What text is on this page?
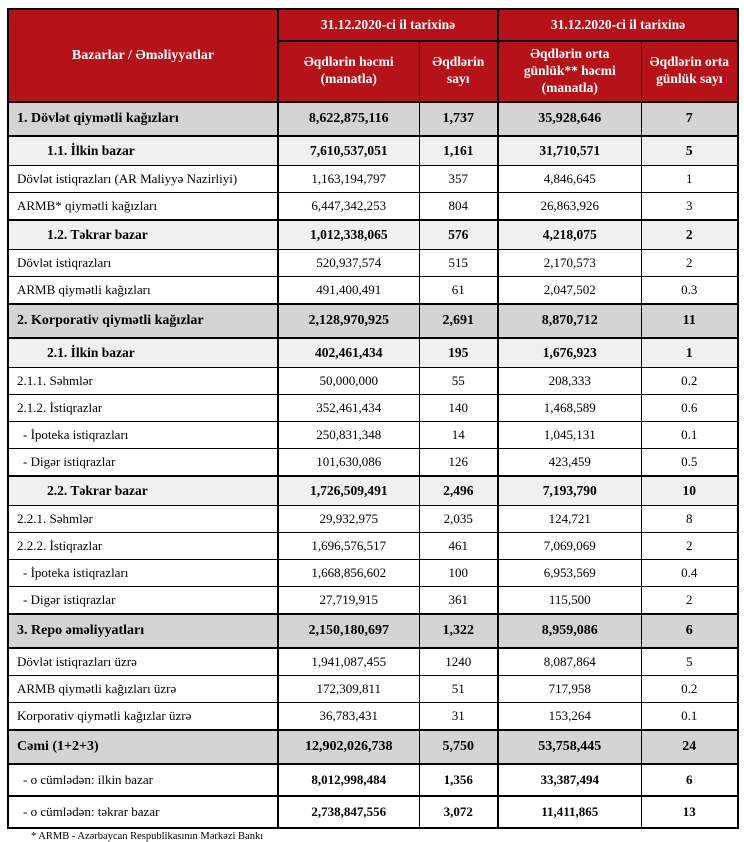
Bazarlar / Əməliyyatlar	31.12.2020-ci il tarixinə		31.12.2020-ci il tarixinə	
	Əqdlərin həcmi (manatla)	Əqdlərin sayı	Əqdlərin orta günlük** həcmi (manatla)	Əqdlərin orta günlük sayı
1. Dövlət qiymətli kağızları	8,622,875,116	1,737	35,928,646	7
1.1. İlkin bazar	7,610,537,051	1,161	31,710,571	5
Dövlət istiqrazları (AR Maliyyə Nazirliyi)	1,163,194,797	357	4,846,645	1
ARMB* qiymətli kağızları	6,447,342,253	804	26,863,926	3
1.2. Təkrar bazar	1,012,338,065	576	4,218,075	2
Dövlət istiqrazları	520,937,574	515	2,170,573	2
ARMB qiymətli kağızları	491,400,491	61	2,047,502	0.3
2. Korporativ qiymətli kağızlar	2,128,970,925	2,691	8,870,712	11
2.1. İlkin bazar	402,461,434	195	1,676,923	1
2.1.1. Səhmlər	50,000,000	55	208,333	0.2
2.1.2. İstiqrazlar	352,461,434	140	1,468,589	0.6
- İpoteka istiqrazları	250,831,348	14	1,045,131	0.1
- Digər istiqrazlar	101,630,086	126	423,459	0.5
2.2. Təkrar bazar	1,726,509,491	2,496	7,193,790	10
2.2.1. Səhmlər	29,932,975	2,035	124,721	8
2.2.2. İstiqrazlar	1,696,576,517	461	7,069,069	2
- İpoteka istiqrazları	1,668,856,602	100	6,953,569	0.4
- Digər istiqrazlar	27,719,915	361	115,500	2
3. Repo əməliyyatları	2,150,180,697	1,322	8,959,086	6
Dövlət istiqrazları üzrə	1,941,087,455	1240	8,087,864	5
ARMB qiymətli kağızları üzrə	172,309,811	51	717,958	0.2
Korporativ qiymətli kağızlar üzrə	36,783,431	31	153,264	0.1
Cəmi (1+2+3)	12,902,026,738	5,750	53,758,445	24
- o cümlədən: ilkin bazar	8,012,998,484	1,356	33,387,494	6
- o cümlədən: təkrar bazar	2,738,847,556	3,072	11,411,865	13
* ARMB - Azərbaycan Respublikasının Mərkəzi Bankı
